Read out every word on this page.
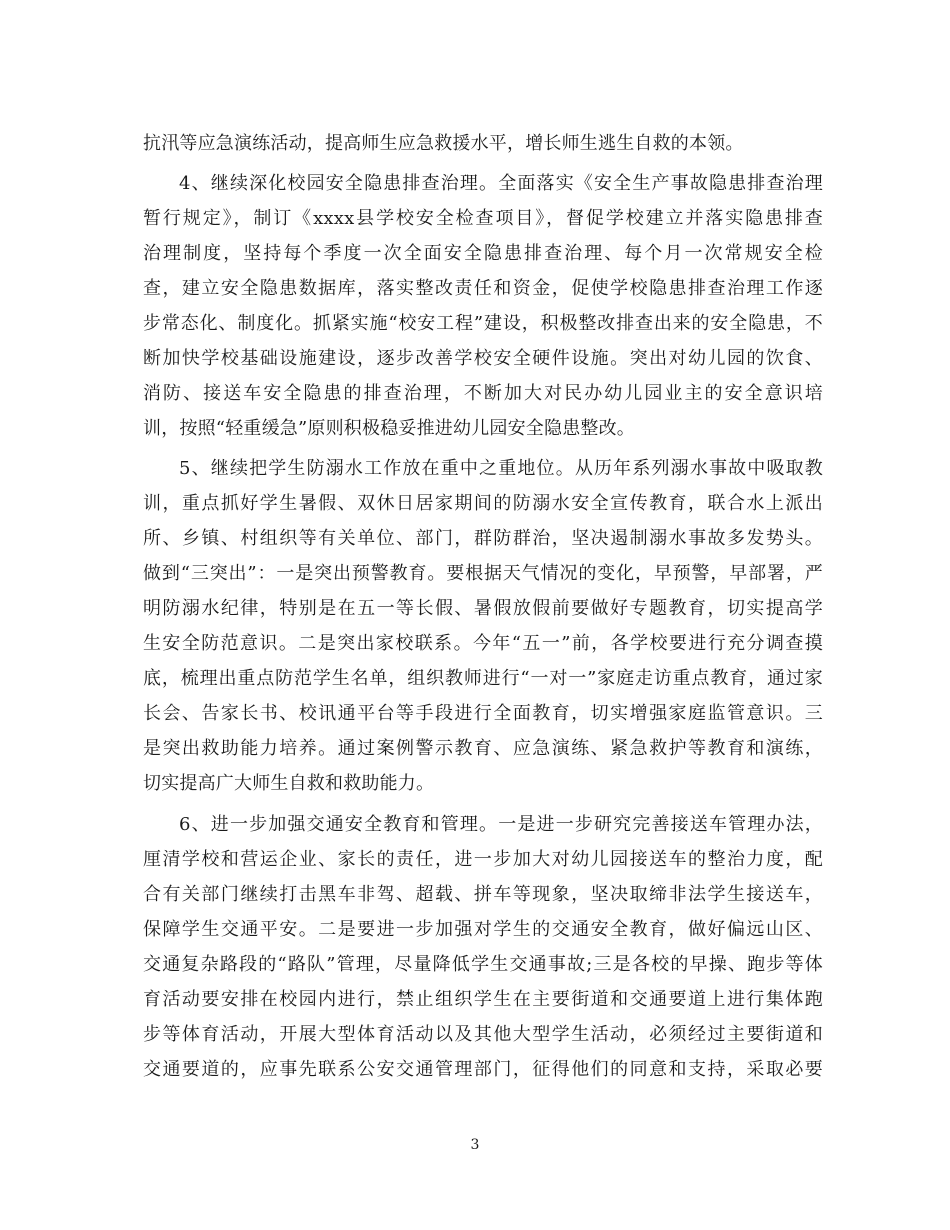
抗汛等应急演练活动，提高师生应急救援水平，增长师生逃生自救的本领。
4、继续深化校园安全隐患排查治理。全面落实《安全生产事故隐患排查治理
暂行规定》，制订《xxxx县学校安全检查项目》，督促学校建立并落实隐患排查
治理制度，坚持每个季度一次全面安全隐患排查治理、每个月一次常规安全检
查，建立安全隐患数据库，落实整改责任和资金，促使学校隐患排查治理工作逐
步常态化、制度化。抓紧实施“校安工程”建设，积极整改排查出来的安全隐患，不
断加快学校基础设施建设，逐步改善学校安全硬件设施。突出对幼儿园的饮食、
消防、接送车安全隐患的排查治理，不断加大对民办幼儿园业主的安全意识培
训，按照“轻重缓急”原则积极稳妥推进幼儿园安全隐患整改。
5、继续把学生防溺水工作放在重中之重地位。从历年系列溺水事故中吸取教
训，重点抓好学生暑假、双休日居家期间的防溺水安全宣传教育，联合水上派出
所、乡镇、村组织等有关单位、部门，群防群治，坚决遏制溺水事故多发势头。
做到“三突出”：一是突出预警教育。要根据天气情况的变化，早预警，早部署，严
明防溺水纪律，特别是在五一等长假、暑假放假前要做好专题教育，切实提高学
生安全防范意识。二是突出家校联系。今年“五一”前，各学校要进行充分调查摸
底，梳理出重点防范学生名单，组织教师进行“一对一”家庭走访重点教育，通过家
长会、告家长书、校讯通平台等手段进行全面教育，切实增强家庭监管意识。三
是突出救助能力培养。通过案例警示教育、应急演练、紧急救护等教育和演练，
切实提高广大师生自救和救助能力。
6、进一步加强交通安全教育和管理。一是进一步研究完善接送车管理办法，
厘清学校和营运企业、家长的责任，进一步加大对幼儿园接送车的整治力度，配
合有关部门继续打击黑车非驾、超载、拼车等现象，坚决取缔非法学生接送车，
保障学生交通平安。二是要进一步加强对学生的交通安全教育，做好偏远山区、
交通复杂路段的“路队”管理，尽量降低学生交通事故;三是各校的早操、跑步等体
育活动要安排在校园内进行，禁止组织学生在主要街道和交通要道上进行集体跑
步等体育活动，开展大型体育活动以及其他大型学生活动，必须经过主要街道和
交通要道的，应事先联系公安交通管理部门，征得他们的同意和支持，采取必要
3
